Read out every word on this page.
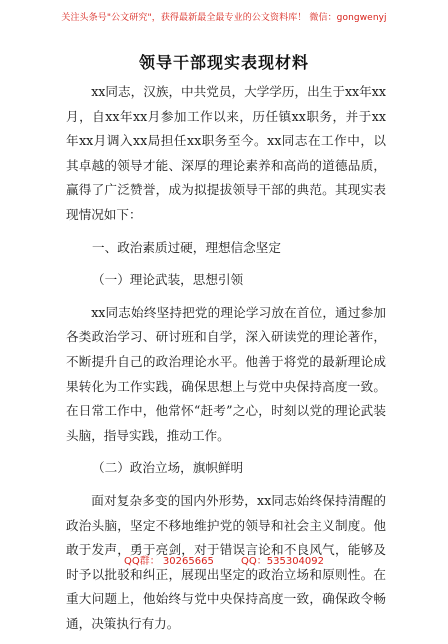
关注头条号"公文研究"，获得最新最全最专业的公文资料库！ 微信：gongwenyj
领导干部现实表现材料

xx同志，汉族，中共党员，大学学历，出生于xx年xx月，自xx年xx月参加工作以来，历任镇xx职务，并于xx年xx月调入xx局担任xx职务至今。xx同志在工作中，以其卓越的领导才能、深厚的理论素养和高尚的道德品质，赢得了广泛赞誉，成为拟提拔领导干部的典范。其现实表现情况如下：

一、政治素质过硬，理想信念坚定

（一）理论武装，思想引领

xx同志始终坚持把党的理论学习放在首位，通过参加各类政治学习、研讨班和自学，深入研读党的理论著作，不断提升自己的政治理论水平。他善于将党的最新理论成果转化为工作实践，确保思想上与党中央保持高度一致。在日常工作中，他常怀“赶考”之心，时刻以党的理论武装头脑，指导实践，推动工作。

（二）政治立场，旗帜鲜明

面对复杂多变的国内外形势，xx同志始终保持清醒的政治头脑，坚定不移地维护党的领导和社会主义制度。他敢于发声，勇于亮剑，对于错误言论和不良风气，能够及时予以批驳和纠正，展现出坚定的政治立场和原则性。在重大问题上，他始终与党中央保持高度一致，确保政令畅通，决策执行有力。

QQ群： 30265665	QQ：535304092
